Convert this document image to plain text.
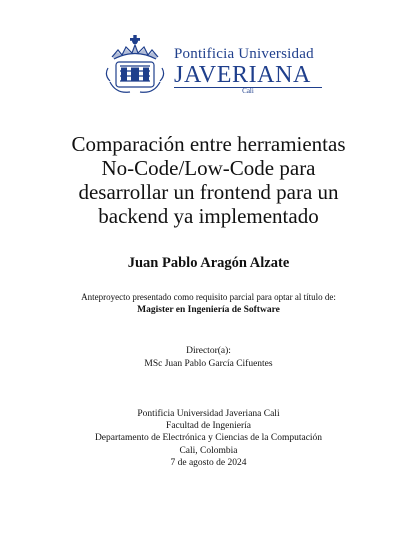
Pontificia Universidad
JAVERIANA
Cali
Comparación entre herramientas
No-Code/Low-Code para
desarrollar un frontend para un
backend ya implementado
Juan Pablo Aragón Alzate
Anteproyecto presentado como requisito parcial para optar al título de:
Magister en Ingeniería de Software
Director(a):
MSc Juan Pablo García Cifuentes
Pontificia Universidad Javeriana Cali
Facultad de Ingeniería
Departamento de Electrónica y Ciencias de la Computación
Cali, Colombia
7 de agosto de 2024
